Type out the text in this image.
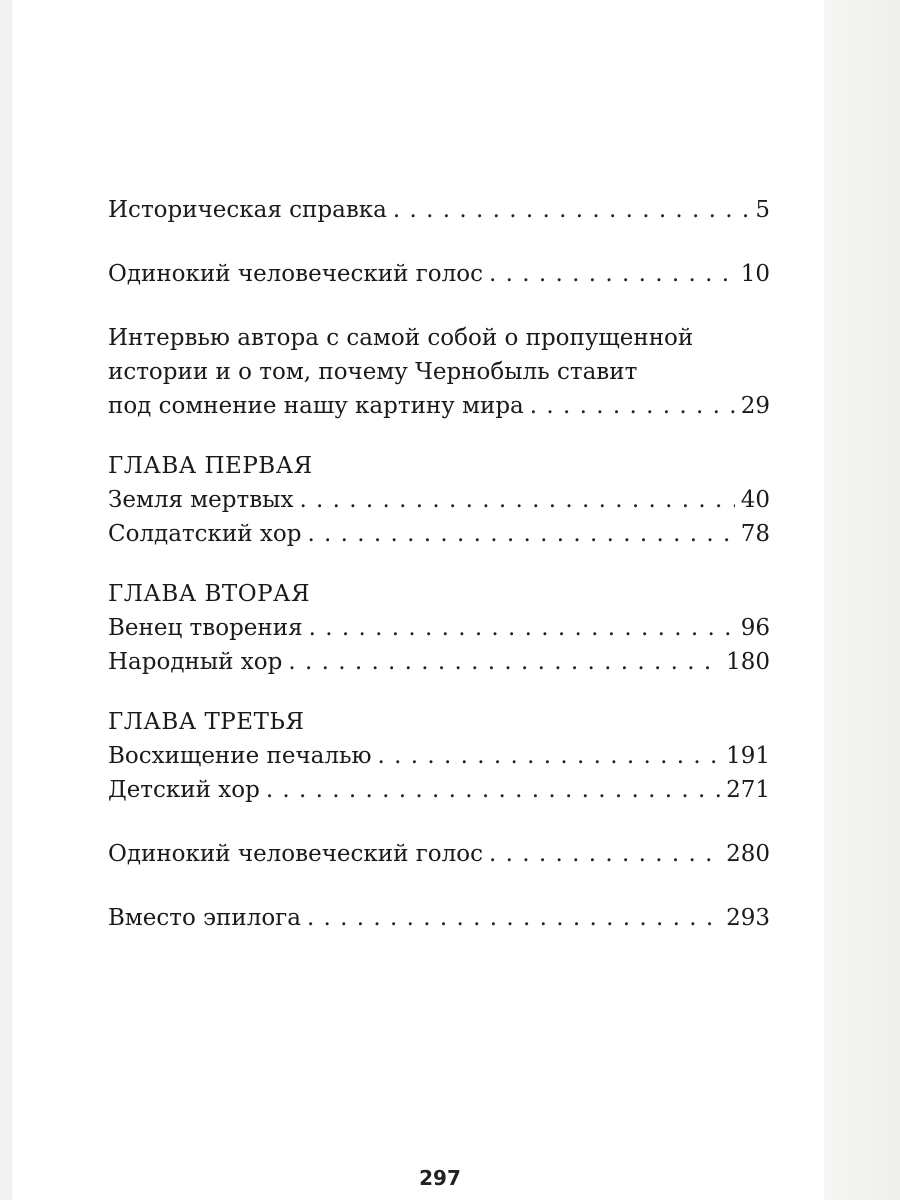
Историческая справка . . .	5
Одинокий человеческий голос . . .	10
Интервью автора с самой собой о пропущенной
истории и о том, почему Чернобыль ставит
под сомнение нашу картину мира . . .	29
ГЛАВА ПЕРВАЯ
Земля мертвых . . .	40
Солдатский хор . . .	78
ГЛАВА ВТОРАЯ
Венец творения . . .	96
Народный хор . . .	180
ГЛАВА ТРЕТЬЯ
Восхищение печалью . . .	191
Детский хор . . .	271
Одинокий человеческий голос . . .	280
Вместо эпилога . . .	293
297
